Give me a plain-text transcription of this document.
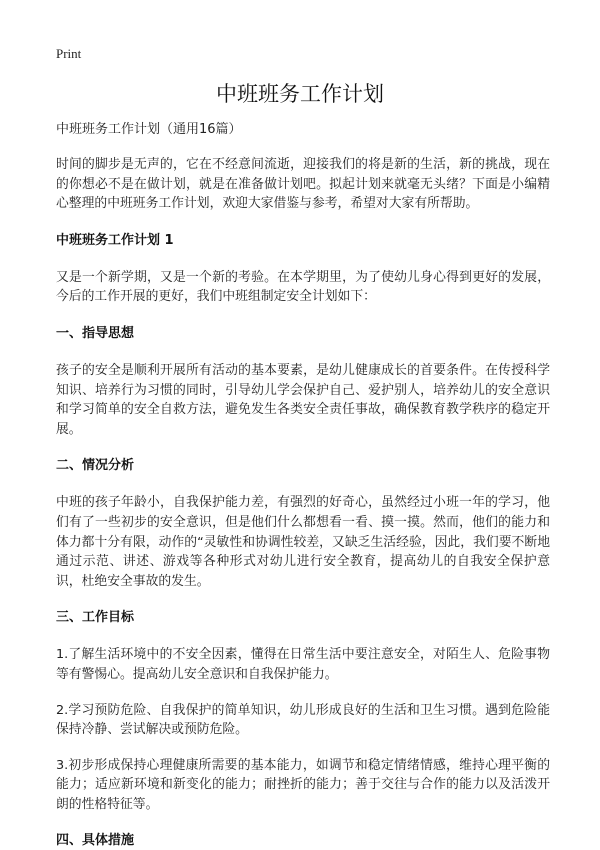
Print
中班班务工作计划

中班班务工作计划（通用16篇）

时间的脚步是无声的，它在不经意间流逝，迎接我们的将是新的生活，新的挑战，现在的你想必不是在做计划，就是在准备做计划吧。拟起计划来就毫无头绪？下面是小编精心整理的中班班务工作计划，欢迎大家借鉴与参考，希望对大家有所帮助。

中班班务工作计划 1

又是一个新学期，又是一个新的考验。在本学期里，为了使幼儿身心得到更好的发展，今后的工作开展的更好，我们中班组制定安全计划如下：

一、指导思想

孩子的安全是顺利开展所有活动的基本要素，是幼儿健康成长的首要条件。在传授科学知识、培养行为习惯的同时，引导幼儿学会保护自己、爱护别人，培养幼儿的安全意识和学习简单的安全自救方法，避免发生各类安全责任事故，确保教育教学秩序的稳定开展。

二、情况分析

中班的孩子年龄小，自我保护能力差，有强烈的好奇心，虽然经过小班一年的学习，他们有了一些初步的安全意识，但是他们什么都想看一看、摸一摸。然而，他们的能力和体力都十分有限，动作的“灵敏性和协调性较差，又缺乏生活经验，因此，我们要不断地通过示范、讲述、游戏等各种形式对幼儿进行安全教育，提高幼儿的自我安全保护意识，杜绝安全事故的发生。

三、工作目标

1.了解生活环境中的不安全因素，懂得在日常生活中要注意安全，对陌生人、危险事物等有警惕心。提高幼儿安全意识和自我保护能力。

2.学习预防危险、自我保护的简单知识，幼儿形成良好的生活和卫生习惯。遇到危险能保持冷静、尝试解决或预防危险。

3.初步形成保持心理健康所需要的基本能力，如调节和稳定情绪情感，维持心理平衡的能力；适应新环境和新变化的能力；耐挫折的能力；善于交往与合作的能力以及活泼开朗的性格特征等。

四、具体措施
